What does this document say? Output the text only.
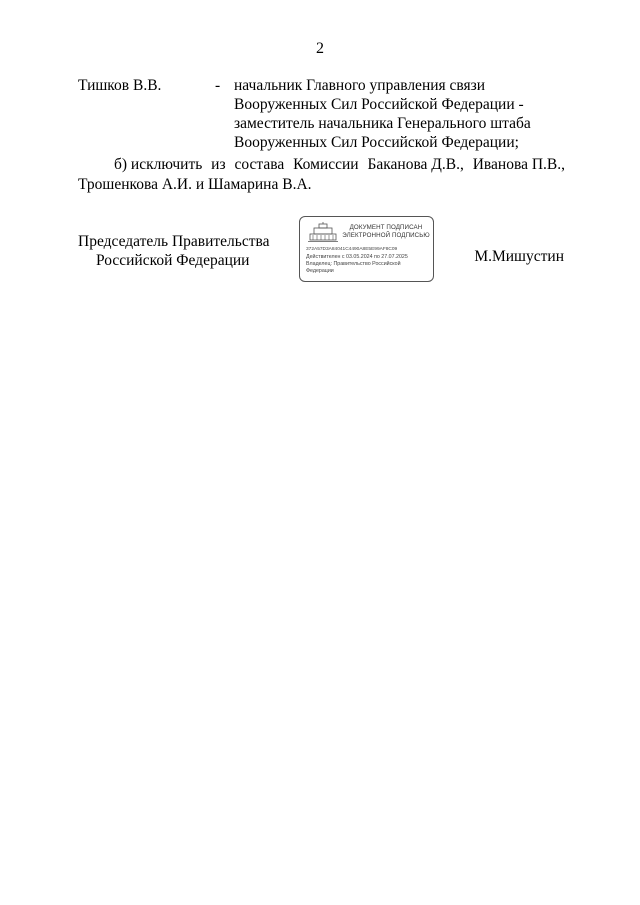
2
Тишков В.В.	- начальник Главного управления связи
Вооруженных Сил Российской Федерации -
заместитель начальника Генерального штаба
Вооруженных Сил Российской Федерации;
б) исключить из состава Комиссии Баканова Д.В., Иванова П.В.,
Трошенкова А.И. и Шамарина В.А.
Председатель Правительства
Российской Федерации
ДОКУМЕНТ ПОДПИСАН
ЭЛЕКТРОННОЙ ПОДПИСЬЮ
372A57D3A84041C4490A8E5E99AF8C09
Действителен с 03.05.2024 по 27.07.2025
Владелец: Правительство Российской Федерации
М.Мишустин
